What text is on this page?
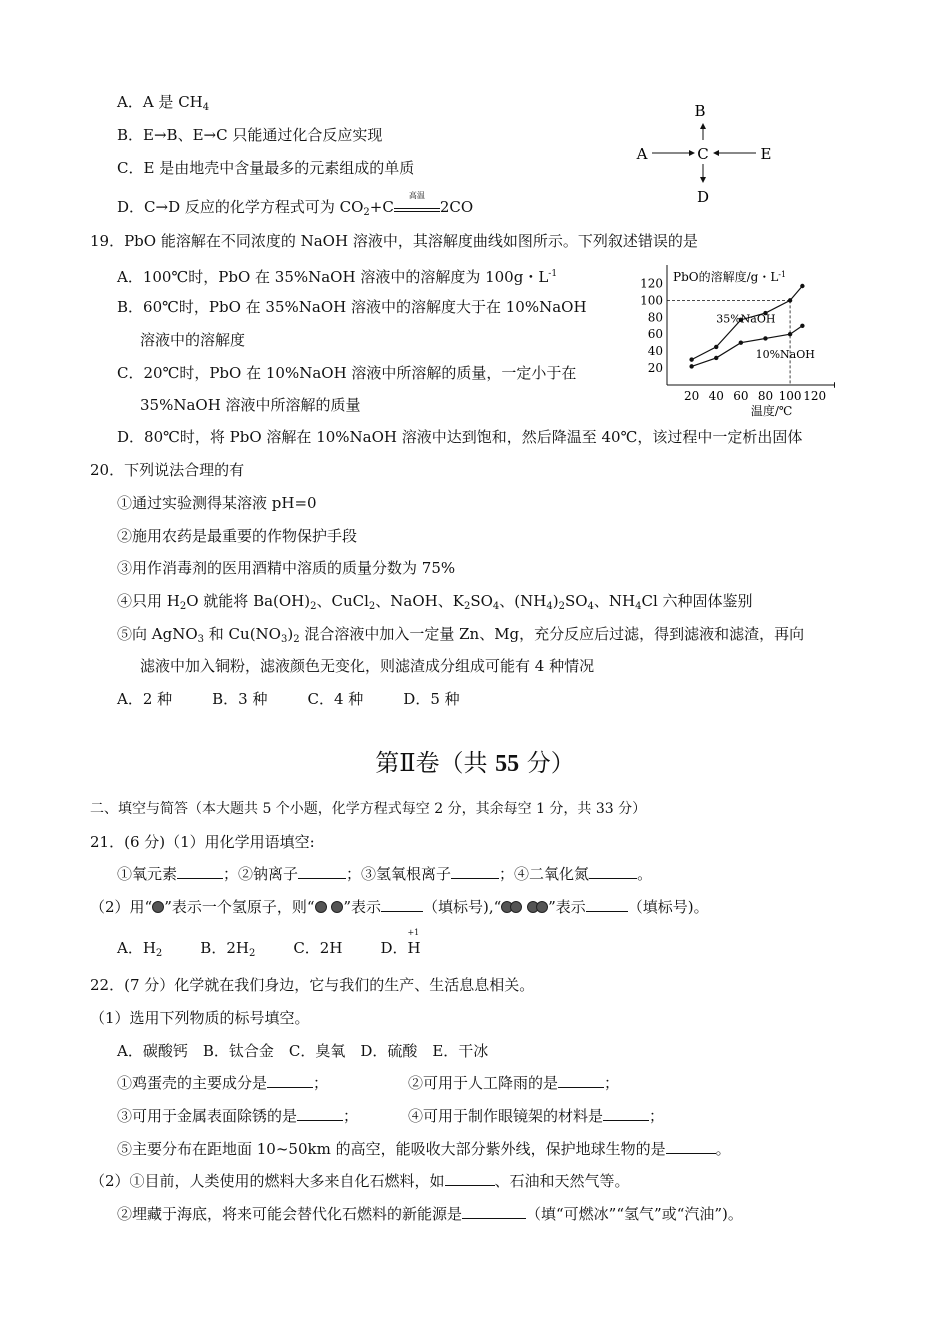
A．A 是 $CH_4$
B．E→B、E→C 只能通过化合反应实现
C．E 是由地壳中含量最多的元素组成的单质
D．C→D 反应的化学方程式可为 $CO_2+C$
高温
2CO
B
A	C	E
D
19．PbO 能溶解在不同浓度的 NaOH 溶液中，其溶解度曲线如图所示。下列叙述错误的是
A．100℃时，PbO 在 35%NaOH 溶液中的溶解度为 100g・$L^{-1}$
B．60℃时，PbO 在 35%NaOH 溶液中的溶解度大于在 10%NaOH
溶液中的溶解度
C．20℃时，PbO 在 10%NaOH 溶液中所溶解的质量，一定小于在
35%NaOH 溶液中所溶解的质量
D．80℃时，将 PbO 溶解在 10%NaOH 溶液中达到饱和，然后降温至 40℃，该过程中一定析出固体
20 40 60 80 100 120
20
40
60
80
100
120 PbO的溶解度/g・$L^{-1}$
温度/℃
35%NaOH
10%NaOH
20．下列说法合理的有
①通过实验测得某溶液 pH=0
②施用农药是最重要的作物保护手段
③用作消毒剂的医用酒精中溶质的质量分数为 75%
④只用 $H_2O$ 就能将 $Ba(OH)_2$、CuCl$_2$、NaOH、$K_2SO_4$、$(NH_4)_2SO_4$、$NH_4Cl$ 六种固体鉴别
⑤向 AgNO$_3$ 和 $Cu(NO_3)_2$ 混合溶液中加入一定量 Zn、Mg，充分反应后过滤，得到滤液和滤渣，再向
滤液中加入铜粉，滤液颜色无变化，则滤渣成分组成可能有 4 种情况
A．2 种	B．3 种	C．4 种	D．5 种
第Ⅱ卷（共 55 分）
二、填空与简答（本大题共 5 个小题，化学方程式每空 2 分，其余每空 1 分，共 33 分）
21．(6 分)（1）用化学用语填空:
①氧元素	；②钠离子	；③氢氧根离子	；④二氧化氮	。
（2）用“ ”表示一个氢原子，则“ ”表示	（填标号),“	”表示	（填标号)。
A．$H_2$	B．$2H_2$	C．2H	D．
+1
H
22．(7 分）化学就在我们身边，它与我们的生产、生活息息相关。
（1）选用下列物质的标号填空。
A．碳酸钙　B．钛合金　C．臭氧　D．硫酸　E．干冰
①鸡蛋壳的主要成分是	；	②可用于人工降雨的是	；
③可用于金属表面除锈的是	；	④可用于制作眼镜架的材料是	；
⑤主要分布在距地面 10~50km 的高空，能吸收大部分紫外线，保护地球生物的是	。
（2）①目前，人类使用的燃料大多来自化石燃料，如	、石油和天然气等。
②埋藏于海底，将来可能会替代化石燃料的新能源是	（填“可燃冰”“氢气”或“汽油”)。
